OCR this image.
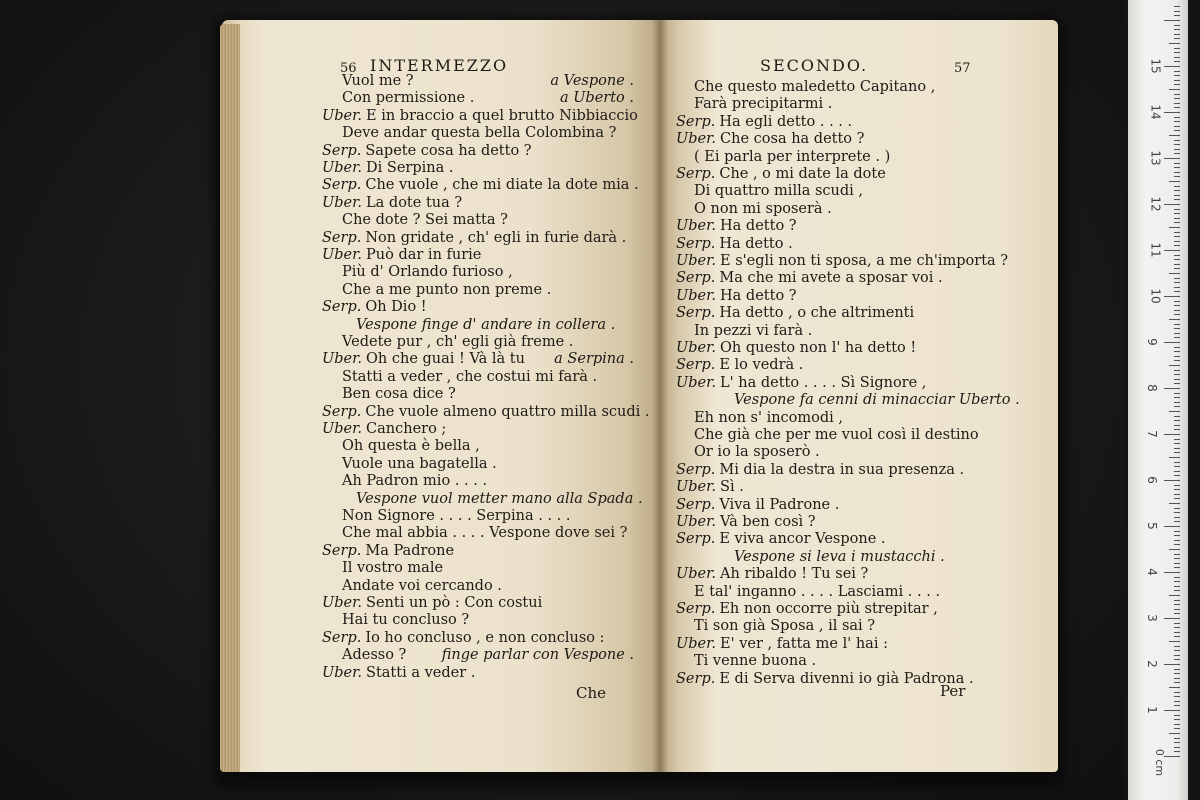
56 INTERMEZZO
Vuol me ?	a Vespone .
Con permissione .	a Uberto .
Uber. E in braccio a quel brutto Nibbiaccio
Deve andar questa bella Colombina ?
Serp. Sapete cosa ha detto ?
Uber. Di Serpina .
Serp. Che vuole , che mi diate la dote mia .
Uber. La dote tua ?
Che dote ? Sei matta ?
Serp. Non gridate , ch' egli in furie darà .
Uber. Può dar in furie
Più d' Orlando furioso ,
Che a me punto non preme .
Serp. Oh Dio !
Vespone finge d' andare in collera .
Vedete pur , ch' egli già freme .
Uber. Oh che guai ! Và là tu a Serpina .
Statti a veder , che costui mi farà .
Ben cosa dice ?
Serp. Che vuole almeno quattro milla scudi .
Uber. Canchero ;
Oh questa è bella ,
Vuole una bagatella .
Ah Padron mio . . . .
Vespone vuol metter mano alla Spada .
Non Signore . . . . Serpina . . . .
Che mal abbia . . . . Vespone dove sei ?
Serp. Ma Padrone
Il vostro male
Andate voi cercando .
Uber. Senti un pò : Con costui
Hai tu concluso ?
Serp. Io ho concluso , e non concluso :
Adesso ? finge parlar con Vespone .
Uber. Statti a veder .
Che
SECONDO.	57
Che questo maledetto Capitano ,
Farà precipitarmi .
Serp. Ha egli detto . . . .
Uber. Che cosa ha detto ?
( Ei parla per interprete . )
Serp. Che , o mi date la dote
Di quattro milla scudi ,
O non mi sposerà .
Uber. Ha detto ?
Serp. Ha detto .
Uber. E s'egli non ti sposa, a me ch'importa ?
Serp. Ma che mi avete a sposar voi .
Uber. Ha detto ?
Serp. Ha detto , o che altrimenti
In pezzi vi farà .
Uber. Oh questo non l' ha detto !
Serp. E lo vedrà .
Uber. L' ha detto . . . . Sì Signore ,
Vespone fa cenni di minacciar Uberto .
Eh non s' incomodi ,
Che già che per me vuol così il destino
Or io la sposerò .
Serp. Mi dia la destra in sua presenza .
Uber. Sì .
Serp. Viva il Padrone .
Uber. Và ben così ?
Serp. E viva ancor Vespone .
Vespone si leva i mustacchi .
Uber. Ah ribaldo ! Tu sei ?
E tal' inganno . . . . Lasciami . . . .
Serp. Eh non occorre più strepitar ,
Ti son già Sposa , il sai ?
Uber. E' ver , fatta me l' hai :
Ti venne buona .
Serp. E di Serva divenni io già Padrona .
Per
15
14
13
12
11
10
9
8
7
6
5
4
3
2
1
0 cm
